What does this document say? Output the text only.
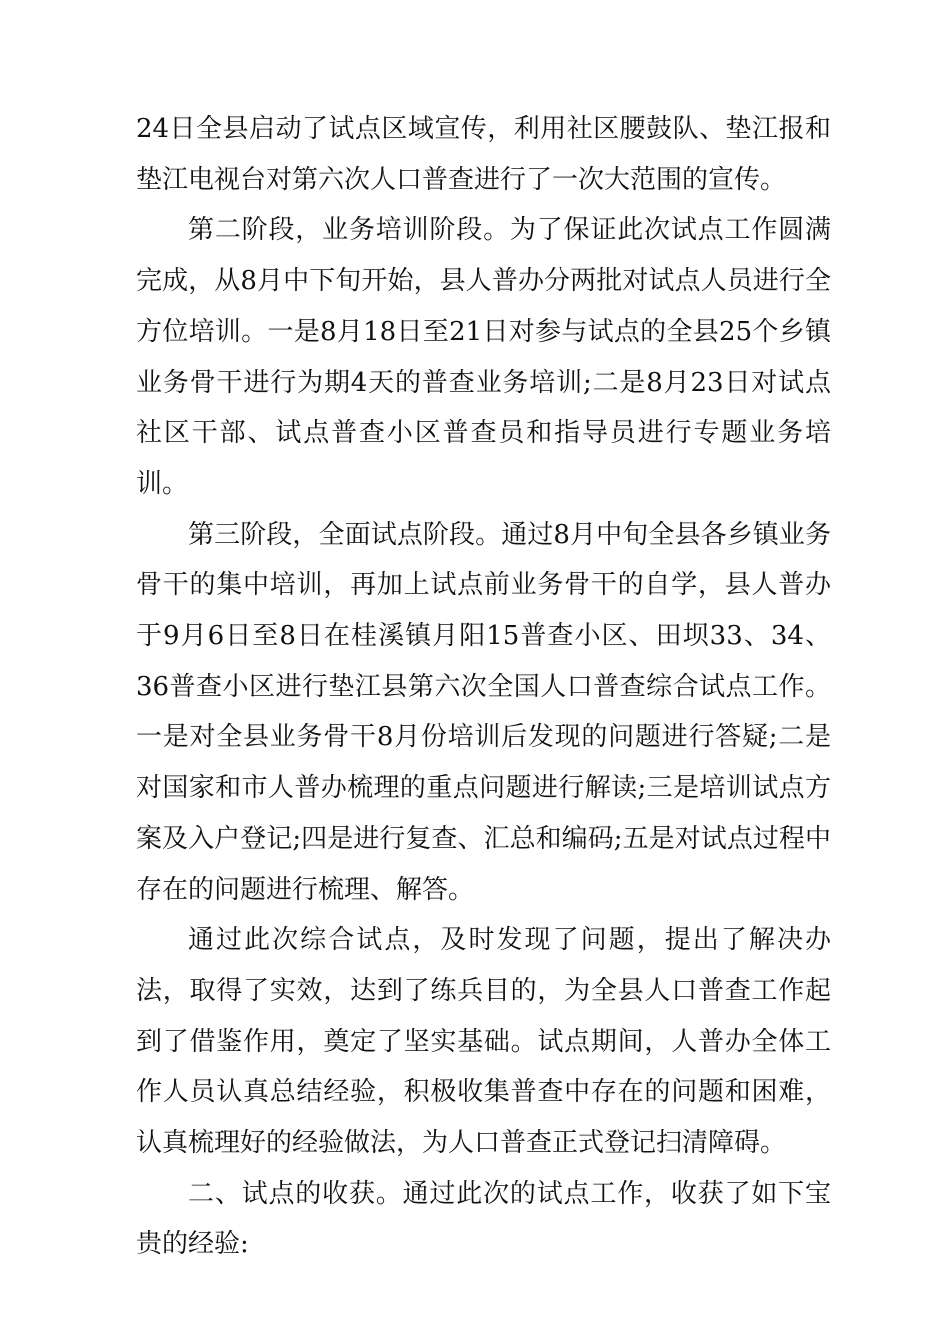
24日全县启动了试点区域宣传，利用社区腰鼓队、垫江报和垫江电视台对第六次人口普查进行了一次大范围的宣传。

第二阶段，业务培训阶段。为了保证此次试点工作圆满完成，从8月中下旬开始，县人普办分两批对试点人员进行全方位培训。一是8月18日至21日对参与试点的全县25个乡镇业务骨干进行为期4天的普查业务培训;二是8月23日对试点社区干部、试点普查小区普查员和指导员进行专题业务培训。

第三阶段，全面试点阶段。通过8月中旬全县各乡镇业务骨干的集中培训，再加上试点前业务骨干的自学，县人普办于9月6日至8日在桂溪镇月阳15普查小区、田坝33、34、36普查小区进行垫江县第六次全国人口普查综合试点工作。一是对全县业务骨干8月份培训后发现的问题进行答疑;二是对国家和市人普办梳理的重点问题进行解读;三是培训试点方案及入户登记;四是进行复查、汇总和编码;五是对试点过程中存在的问题进行梳理、解答。

通过此次综合试点，及时发现了问题，提出了解决办法，取得了实效，达到了练兵目的，为全县人口普查工作起到了借鉴作用，奠定了坚实基础。试点期间，人普办全体工作人员认真总结经验，积极收集普查中存在的问题和困难，认真梳理好的经验做法，为人口普查正式登记扫清障碍。

二、试点的收获。通过此次的试点工作，收获了如下宝贵的经验:
